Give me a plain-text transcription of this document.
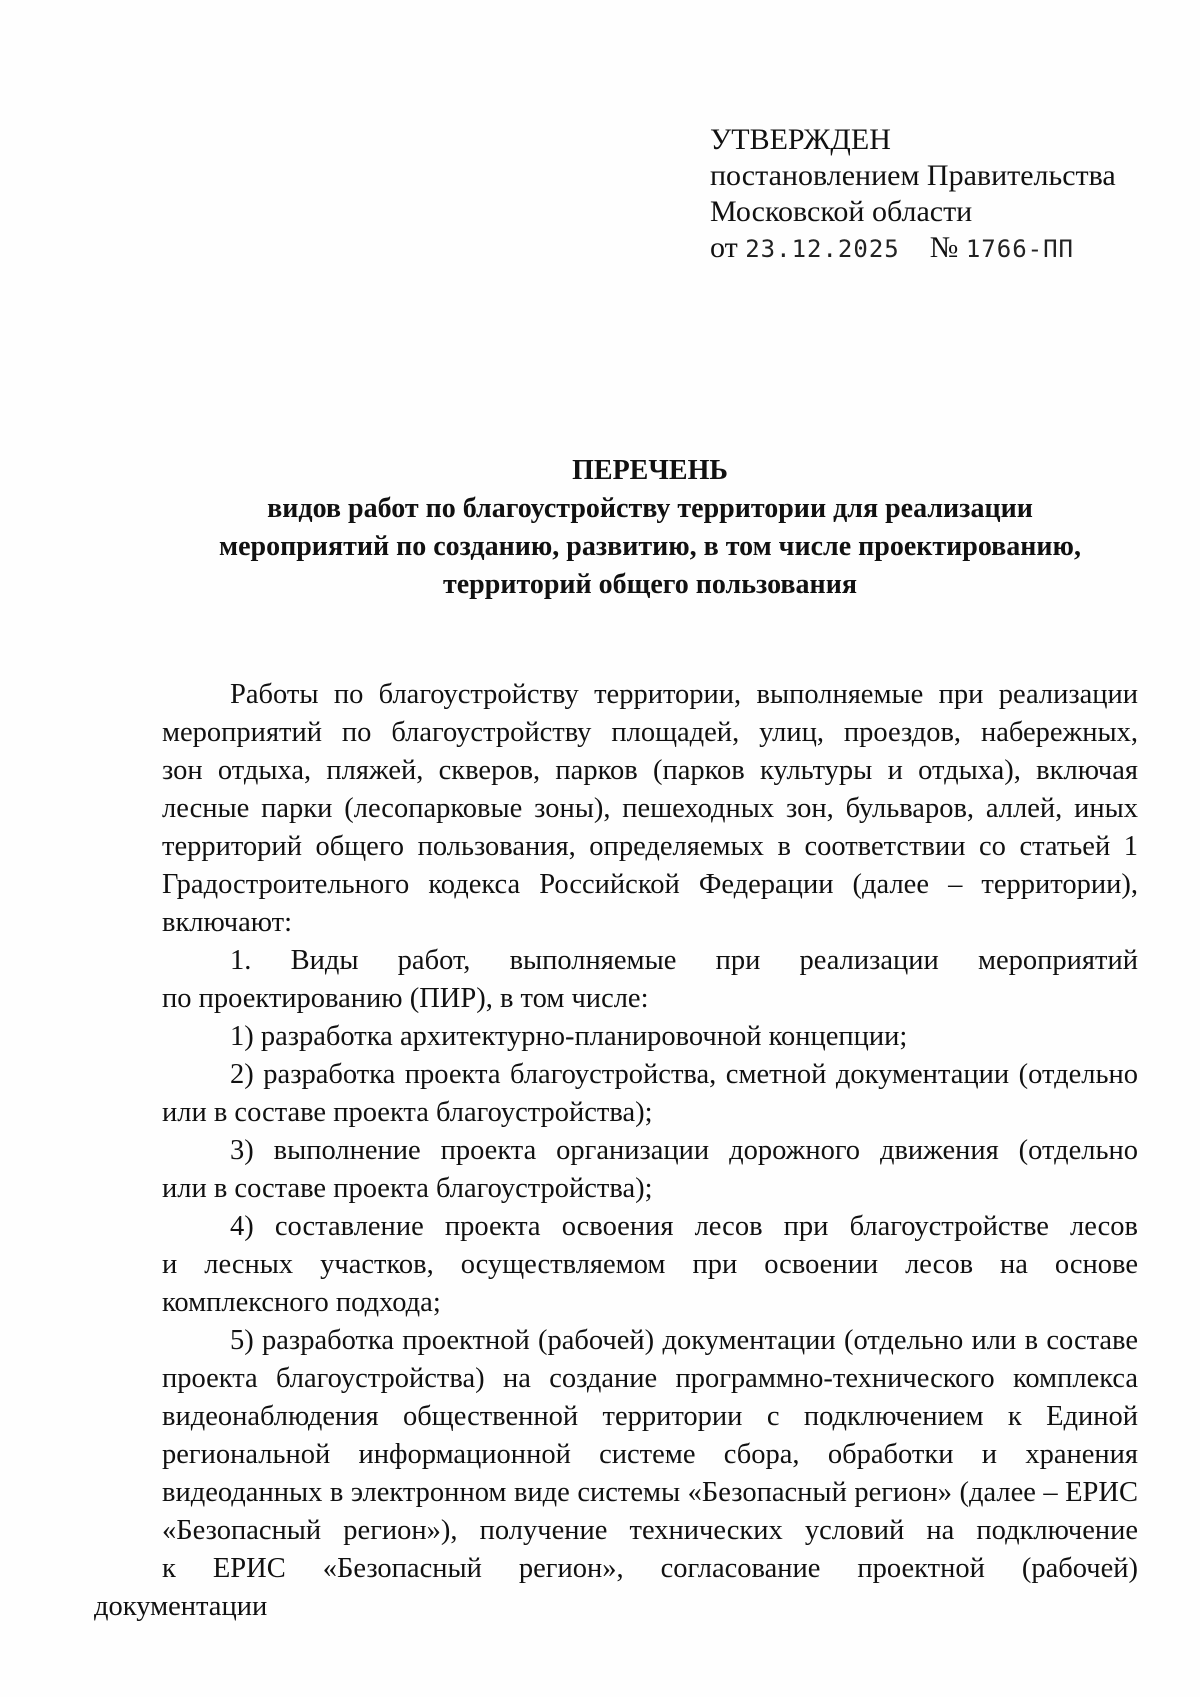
УТВЕРЖДЕН
постановлением Правительства
Московской области
от 23.12.2025 № 1766-ПП
ПЕРЕЧЕНЬ
видов работ по благоустройству территории для реализации
мероприятий по созданию, развитию, в том числе проектированию,
территорий общего пользования
Работы по благоустройству территории, выполняемые при реализации
мероприятий по благоустройству площадей, улиц, проездов, набережных,
зон отдыха, пляжей, скверов, парков (парков культуры и отдыха), включая
лесные парки (лесопарковые зоны), пешеходных зон, бульваров, аллей, иных
территорий общего пользования, определяемых в соответствии со статьей 1
Градостроительного кодекса Российской Федерации (далее – территории),
включают:
1. Виды работ, выполняемые при реализации мероприятий
по проектированию (ПИР), в том числе:
1) разработка архитектурно-планировочной концепции;
2) разработка проекта благоустройства, сметной документации (отдельно
или в составе проекта благоустройства);
3) выполнение проекта организации дорожного движения (отдельно
или в составе проекта благоустройства);
4) составление проекта освоения лесов при благоустройстве лесов
и лесных участков, осуществляемом при освоении лесов на основе
комплексного подхода;
5) разработка проектной (рабочей) документации (отдельно или в составе
проекта благоустройства) на создание программно-технического комплекса
видеонаблюдения общественной территории с подключением к Единой
региональной информационной системе сбора, обработки и хранения
видеоданных в электронном виде системы «Безопасный регион» (далее – ЕРИС
«Безопасный регион»), получение технических условий на подключение
к ЕРИС «Безопасный регион», согласование проектной (рабочей) документации
